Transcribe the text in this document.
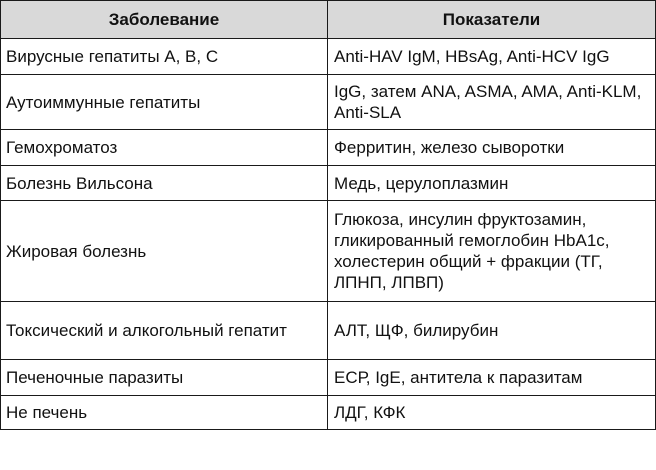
Заболевание	Показатели
Вирусные гепатиты А, В, С	Anti-HAV IgM, HBsAg, Anti-HCV IgG
Аутоиммунные гепатиты	IgG, затем ANA, ASMA, AMA, Anti-KLM, Anti-SLA
Гемохроматоз	Ферритин, железо сыворотки
Болезнь Вильсона	Медь, церулоплазмин
Жировая болезнь	Глюкоза, инсулин фруктозамин, гликированный гемоглобин HbA1c, холестерин общий + фракции (ТГ, ЛПНП, ЛПВП)
Токсический и алкогольный гепатит	АЛТ, ЩФ, билирубин
Печеночные паразиты	ЕСР, IgE, антитела к паразитам
Не печень	ЛДГ, КФК
